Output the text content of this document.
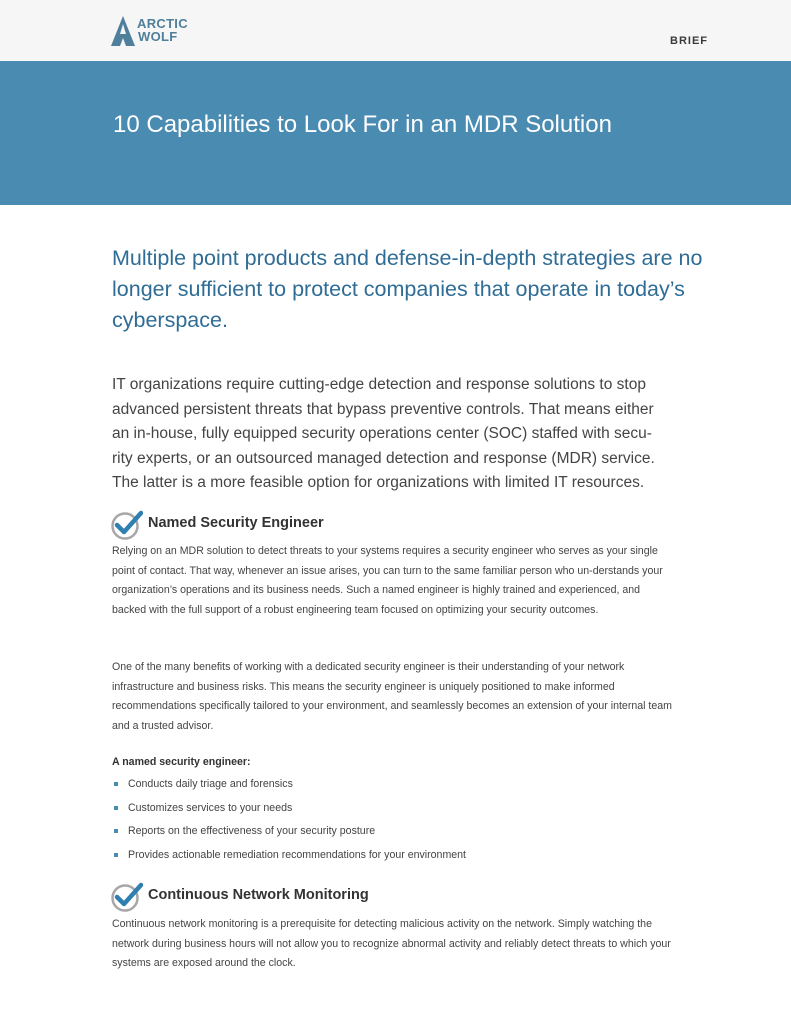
ARCTIC
WOLF	BRIEF
10 Capabilities to Look For in an MDR Solution

Multiple point products and defense-in-depth strategies are no longer sufficient to protect companies that operate in today’s cyberspace.

IT organizations require cutting-edge detection and response solutions to stop advanced persistent threats that bypass preventive controls. That means either an in-house, fully equipped security operations center (SOC) staffed with secu-rity experts, or an outsourced managed detection and response (MDR) service. The latter is a more feasible option for organizations with limited IT resources.

Named Security Engineer

Relying on an MDR solution to detect threats to your systems requires a security engineer who serves as your single point of contact. That way, whenever an issue arises, you can turn to the same familiar person who un-derstands your organization’s operations and its business needs. Such a named engineer is highly trained and experienced, and backed with the full support of a robust engineering team focused on optimizing your security outcomes.

One of the many benefits of working with a dedicated security engineer is their understanding of your network infrastructure and business risks. This means the security engineer is uniquely positioned to make informed recommendations specifically tailored to your environment, and seamlessly becomes an extension of your internal team and a trusted advisor.

A named security engineer:

Conducts daily triage and forensics
Customizes services to your needs
Reports on the effectiveness of your security posture
Provides actionable remediation recommendations for your environment
Continuous Network Monitoring

Continuous network monitoring is a prerequisite for detecting malicious activity on the network. Simply watching the network during business hours will not allow you to recognize abnormal activity and reliably detect threats to which your systems are exposed around the clock.
